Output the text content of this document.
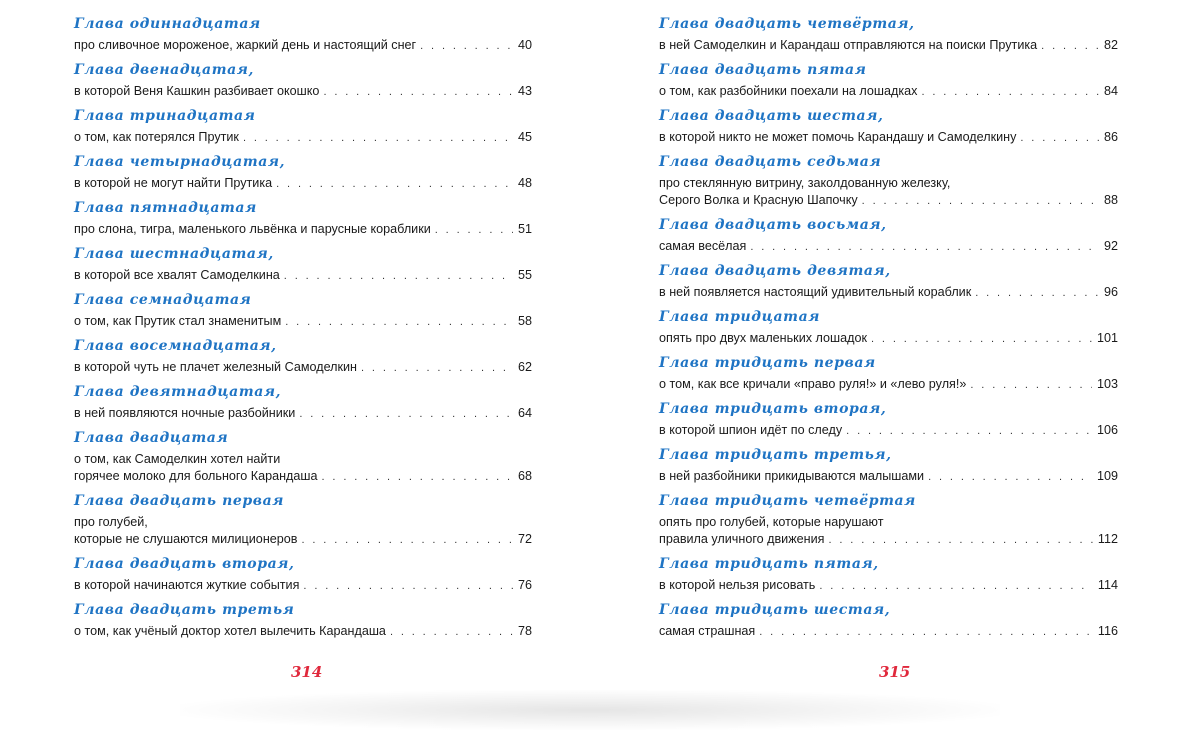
Глава одиннадцатая
про сливочное мороженое, жаркий день и настоящий снег . . .	40
Глава двенадцатая,
в которой Веня Кашкин разбивает окошко . . .	43
Глава тринадцатая
о том, как потерялся Прутик . . .	45
Глава четырнадцатая,
в которой не могут найти Прутика . . .	48
Глава пятнадцатая
про слона, тигра, маленького львёнка и парусные кораблики . . .	51
Глава шестнадцатая,
в которой все хвалят Самоделкина . . .	55
Глава семнадцатая
о том, как Прутик стал знаменитым . . .	58
Глава восемнадцатая,
в которой чуть не плачет железный Самоделкин . . .	62
Глава девятнадцатая,
в ней появляются ночные разбойники . . .	64
Глава двадцатая
о том, как Самоделкин хотел найти
горячее молоко для больного Карандаша . . .	68
Глава двадцать первая
про голубей,
которые не слушаются милиционеров . . .	72
Глава двадцать вторая,
в которой начинаются жуткие события . . .	76
Глава двадцать третья
о том, как учёный доктор хотел вылечить Карандаша . . .	78
Глава двадцать четвёртая,
в ней Самоделкин и Карандаш отправляются на поиски Прутика . . .	82
Глава двадцать пятая
о том, как разбойники поехали на лошадках . . .	84
Глава двадцать шестая,
в которой никто не может помочь Карандашу и Самоделкину . . .	86
Глава двадцать седьмая
про стеклянную витрину, заколдованную железку,
Серого Волка и Красную Шапочку . . .	88
Глава двадцать восьмая,
самая весёлая . . .	92
Глава двадцать девятая,
в ней появляется настоящий удивительный кораблик . . .	96
Глава тридцатая
опять про двух маленьких лошадок . . .	101
Глава тридцать первая
о том, как все кричали «право руля!» и «лево руля!» . . .	103
Глава тридцать вторая,
в которой шпион идёт по следу . . .	106
Глава тридцать третья,
в ней разбойники прикидываются малышами . . .	109
Глава тридцать четвёртая
опять про голубей, которые нарушают
правила уличного движения . . .	112
Глава тридцать пятая,
в которой нельзя рисовать . . .	114
Глава тридцать шестая,
самая страшная . . .	116
314	315
